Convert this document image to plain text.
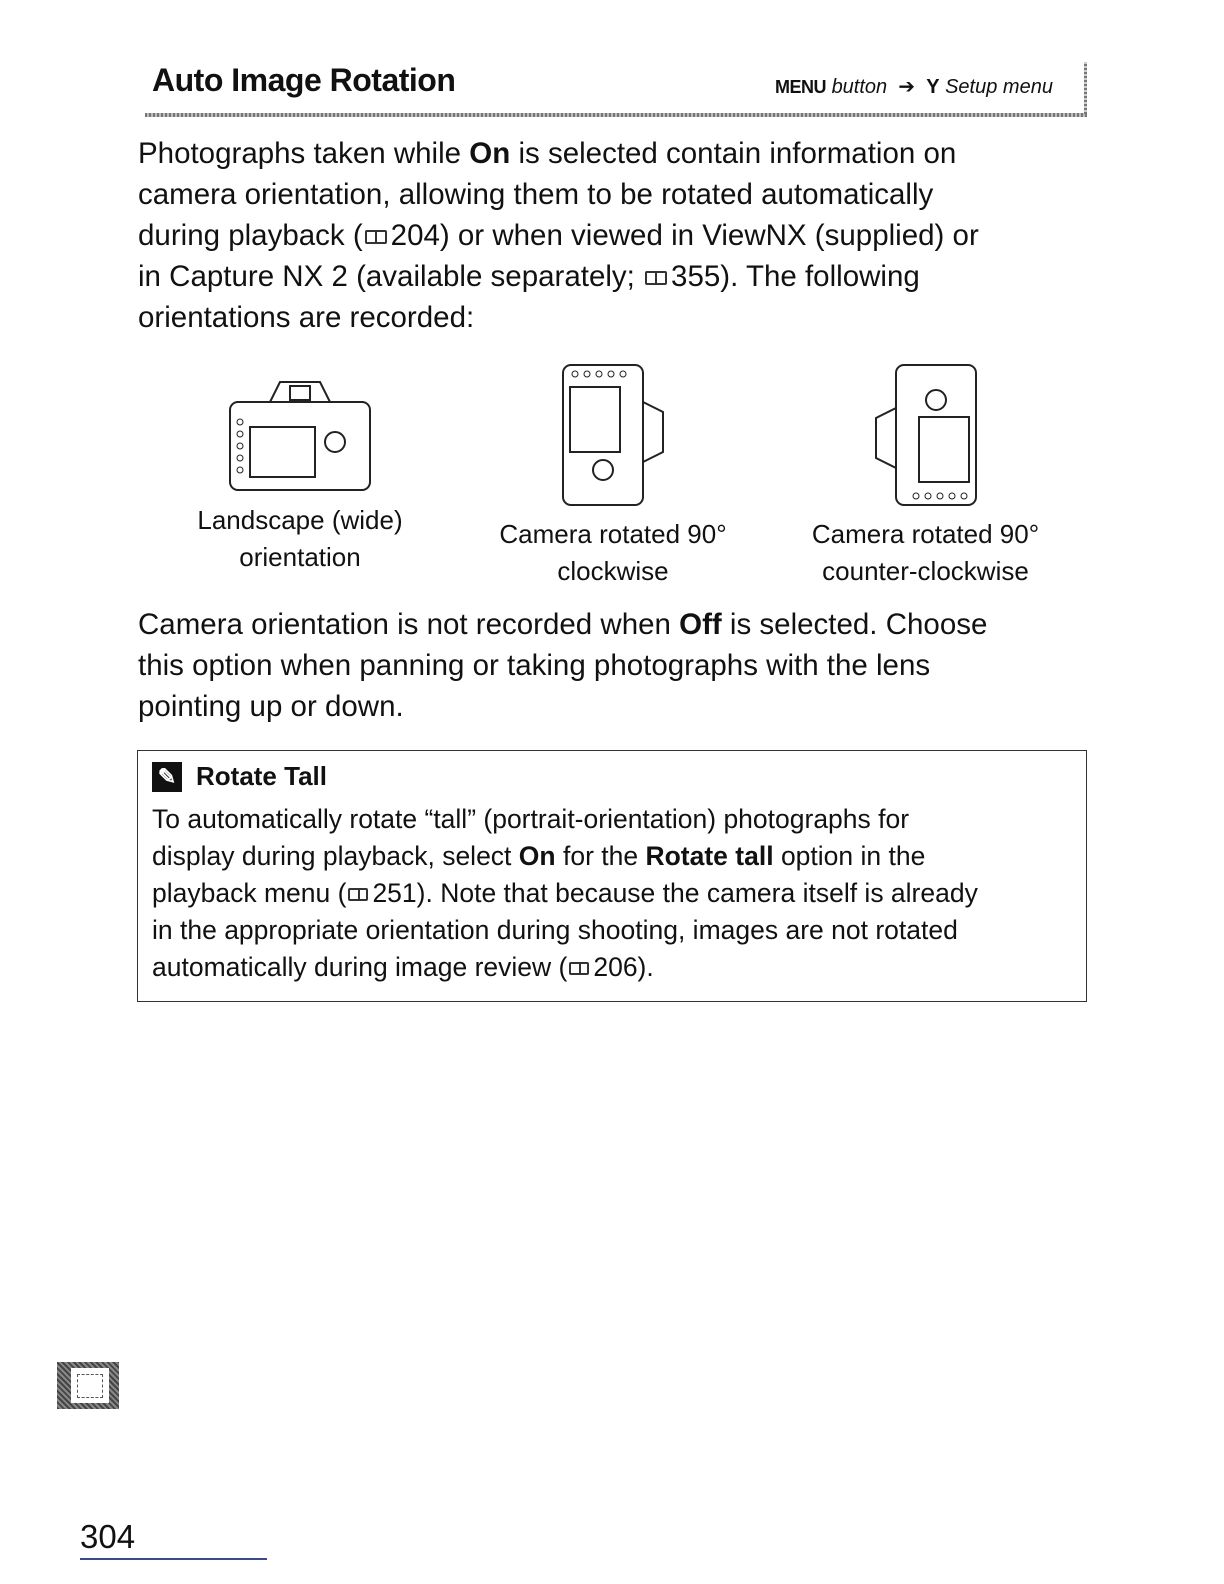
Auto Image Rotation	MENU button ➔ Y Setup menu
Photographs taken while On is selected contain information on
camera orientation, allowing them to be rotated automatically
during playback ( 204) or when viewed in ViewNX (supplied) or
in Capture NX 2 (available separately; 355). The following
orientations are recorded:
Landscape (wide)
orientation
Camera rotated 90°
clockwise
Camera rotated 90°
counter-clockwise
Camera orientation is not recorded when Off is selected. Choose
this option when panning or taking photographs with the lens
pointing up or down.
✎ Rotate Tall
To automatically rotate “tall” (portrait-orientation) photographs for
display during playback, select On for the Rotate tall option in the
playback menu ( 251). Note that because the camera itself is already
in the appropriate orientation during shooting, images are not rotated
automatically during image review ( 206).
304
